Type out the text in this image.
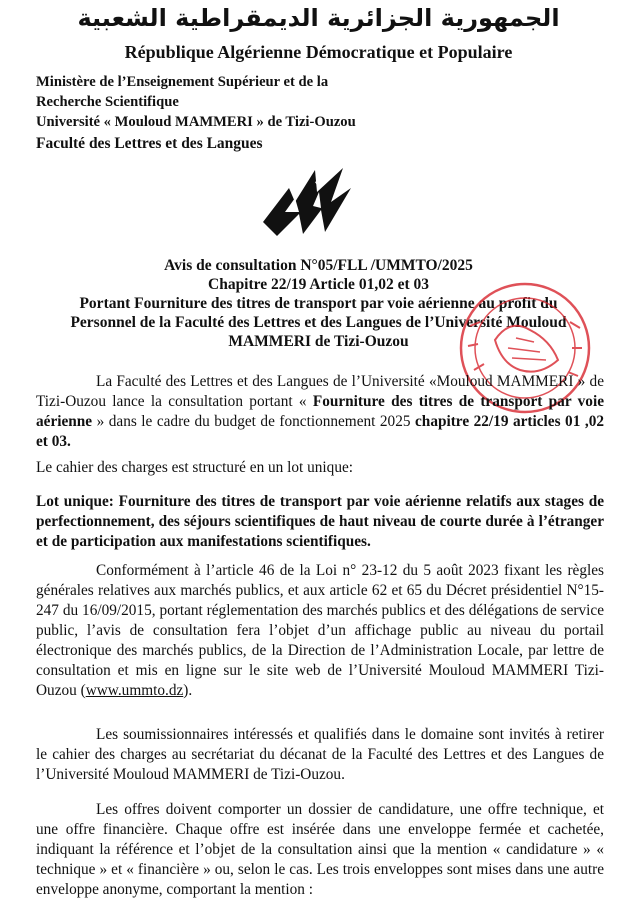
الجمهورية الجزائرية الديمقراطية الشعبية
République Algérienne Démocratique et Populaire
Ministère de l’Enseignement Supérieur et de la
Recherche Scientifique
Université « Mouloud MAMMERI » de Tizi-Ouzou
Faculté des Lettres et des Langues
Avis de consultation N°05/FLL /UMMTO/2025
Chapitre 22/19 Article 01,02 et 03
Portant Fourniture des titres de transport par voie aérienne au profit du
Personnel de la Faculté des Lettres et des Langues de l’Université Mouloud
MAMMERI de Tizi-Ouzou
La Faculté des Lettres et des Langues de l’Université «Mouloud MAMMERI » de Tizi-Ouzou lance la consultation portant « Fourniture des titres de transport par voie aérienne » dans le cadre du budget de fonctionnement 2025 chapitre 22/19 articles 01 ,02 et 03.
Le cahier des charges est structuré en un lot unique:
Lot unique: Fourniture des titres de transport par voie aérienne relatifs aux stages de perfectionnement, des séjours scientifiques de haut niveau de courte durée à l’étranger et de participation aux manifestations scientifiques.
Conformément à l’article 46 de la Loi n° 23-12 du 5 août 2023 fixant les règles générales relatives aux marchés publics, et aux article 62 et 65 du Décret présidentiel N°15-247 du 16/09/2015, portant réglementation des marchés publics et des délégations de service public, l’avis de consultation fera l’objet d’un affichage public au niveau du portail électronique des marchés publics, de la Direction de l’Administration Locale, par lettre de consultation et mis en ligne sur le site web de l’Université Mouloud MAMMERI Tizi-Ouzou (www.ummto.dz).
Les soumissionnaires intéressés et qualifiés dans le domaine sont invités à retirer le cahier des charges au secrétariat du décanat de la Faculté des Lettres et des Langues de l’Université Mouloud MAMMERI de Tizi-Ouzou.
Les offres doivent comporter un dossier de candidature, une offre technique, et une offre financière. Chaque offre est insérée dans une enveloppe fermée et cachetée, indiquant la référence et l’objet de la consultation ainsi que la mention « candidature » « technique » et « financière » ou, selon le cas. Les trois enveloppes sont mises dans une autre enveloppe anonyme, comportant la mention :
